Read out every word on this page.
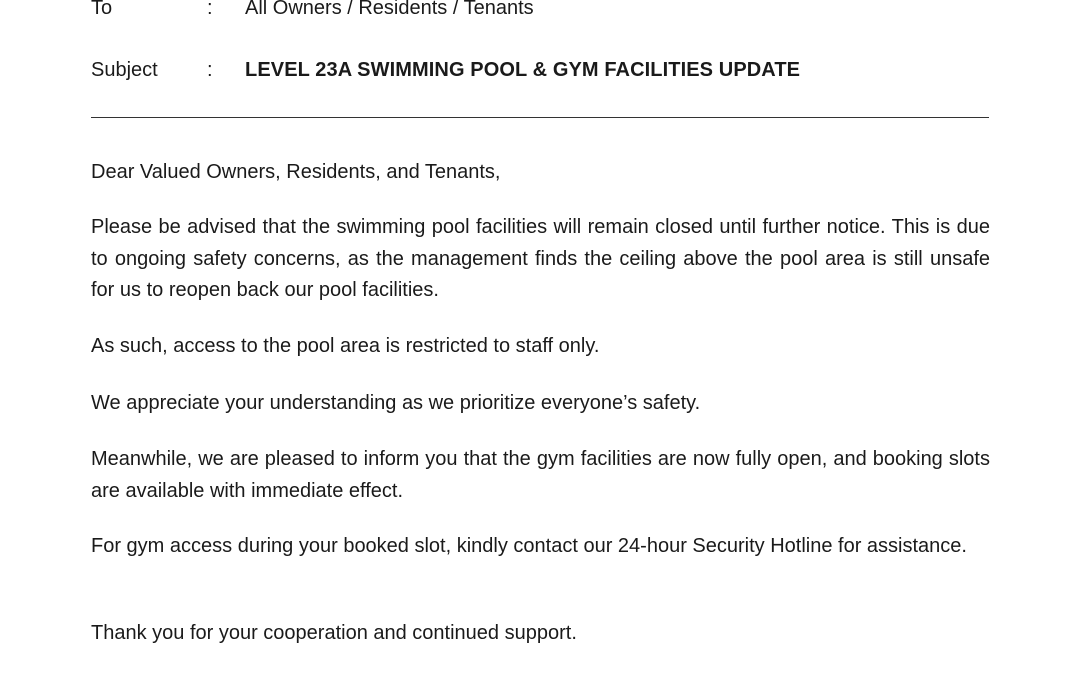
To	: All Owners / Residents / Tenants
Subject : LEVEL 23A SWIMMING POOL & GYM FACILITIES UPDATE

Dear Valued Owners, Residents, and Tenants,

Please be advised that the swimming pool facilities will remain closed until further notice. This is due to ongoing safety concerns, as the management finds the ceiling above the pool area is still unsafe for us to reopen back our pool facilities.

As such, access to the pool area is restricted to staff only.

We appreciate your understanding as we prioritize everyone’s safety.

Meanwhile, we are pleased to inform you that the gym facilities are now fully open, and booking slots are available with immediate effect.

For gym access during your booked slot, kindly contact our 24-hour Security Hotline for assistance.

Thank you for your cooperation and continued support.
